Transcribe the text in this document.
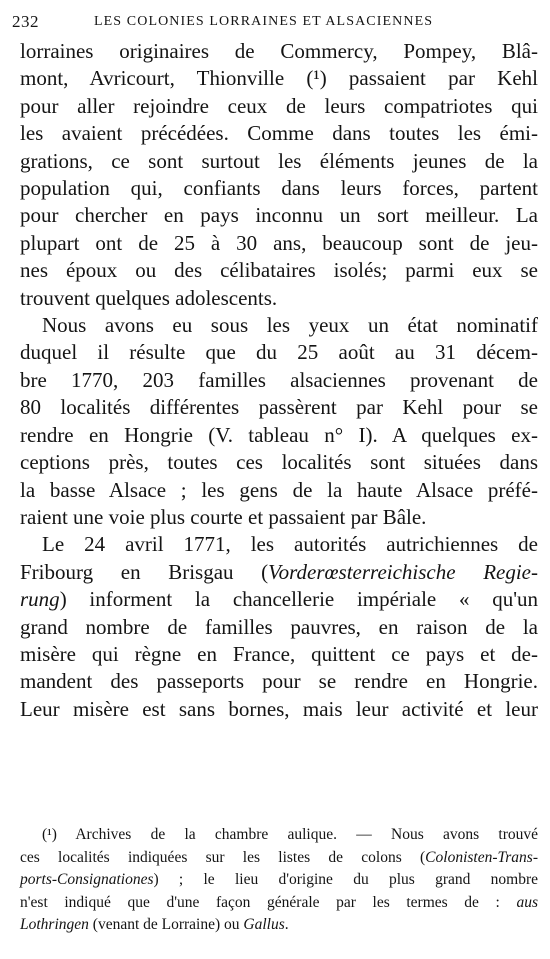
232	LES COLONIES LORRAINES ET ALSACIENNES
lorraines originaires de Commercy, Pompey, Blâ-
mont, Avricourt, Thionville (¹) passaient par Kehl
pour aller rejoindre ceux de leurs compatriotes qui
les avaient précédées. Comme dans toutes les émi-
grations, ce sont surtout les éléments jeunes de la
population qui, confiants dans leurs forces, partent
pour chercher en pays inconnu un sort meilleur. La
plupart ont de 25 à 30 ans, beaucoup sont de jeu-
nes époux ou des célibataires isolés; parmi eux se
trouvent quelques adolescents.
Nous avons eu sous les yeux un état nominatif
duquel il résulte que du 25 août au 31 décem-
bre 1770, 203 familles alsaciennes provenant de
80 localités différentes passèrent par Kehl pour se
rendre en Hongrie (V. tableau n° I). A quelques ex-
ceptions près, toutes ces localités sont situées dans
la basse Alsace ; les gens de la haute Alsace préfé-
raient une voie plus courte et passaient par Bâle.
Le 24 avril 1771, les autorités autrichiennes de
Fribourg en Brisgau (Vorderœsterreichische Regie-
rung) informent la chancellerie impériale « qu'un
grand nombre de familles pauvres, en raison de la
misère qui règne en France, quittent ce pays et de-
mandent des passeports pour se rendre en Hongrie.
Leur misère est sans bornes, mais leur activité et leur
(¹) Archives de la chambre aulique. — Nous avons trouvé
ces localités indiquées sur les listes de colons (Colonisten-Trans-
ports-Consignationes) ; le lieu d'origine du plus grand nombre
n'est indiqué que d'une façon générale par les termes de : aus
Lothringen (venant de Lorraine) ou Gallus.
